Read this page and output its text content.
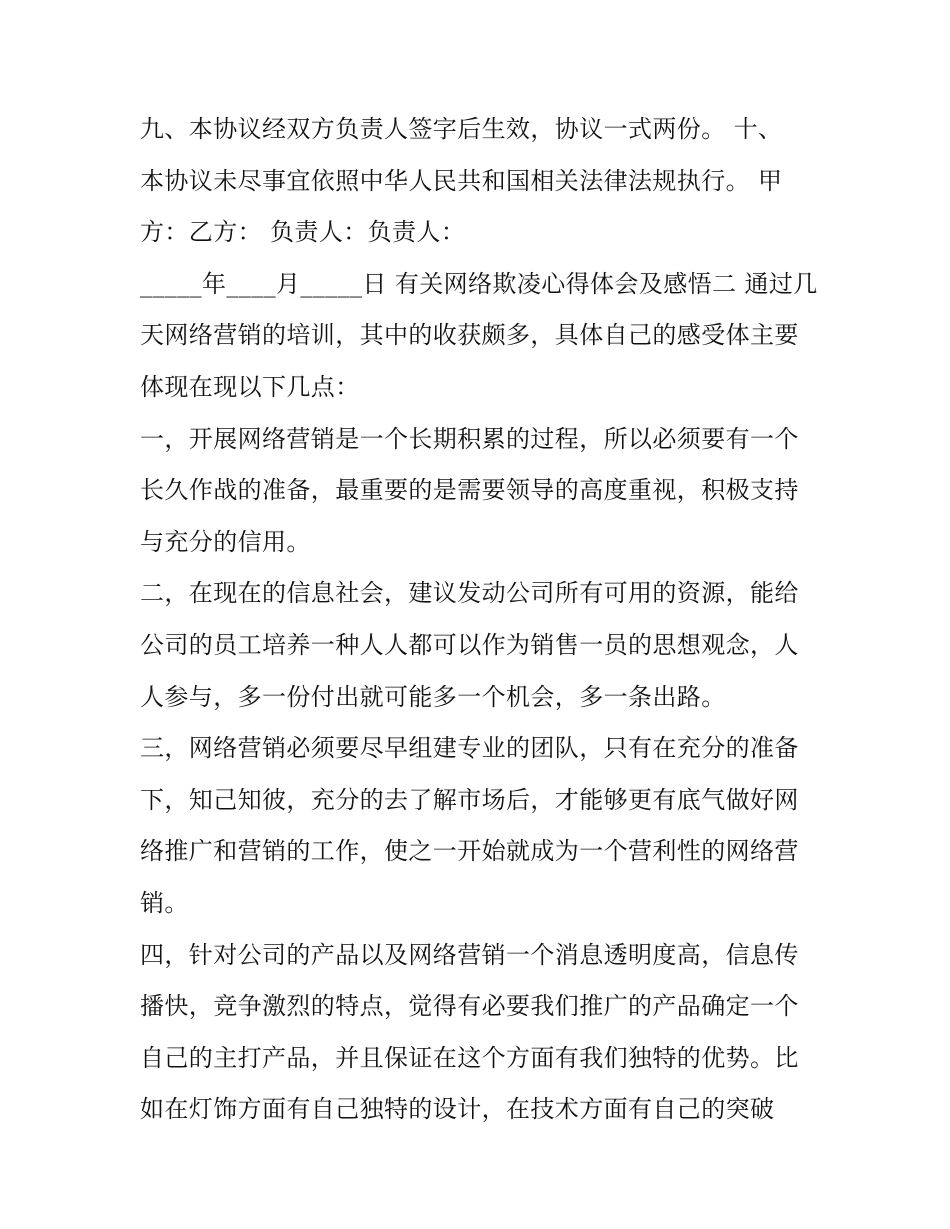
九、本协议经双方负责人签字后生效，协议一式两份。 十、
本协议未尽事宜依照中华人民共和国相关法律法规执行。 甲
方：乙方： 负责人：负责人：
_____年____月_____日 有关网络欺凌心得体会及感悟二 通过几
天网络营销的培训，其中的收获颇多，具体自己的感受体主要
体现在现以下几点：
一，开展网络营销是一个长期积累的过程，所以必须要有一个
长久作战的准备，最重要的是需要领导的高度重视，积极支持
与充分的信用。
二，在现在的信息社会，建议发动公司所有可用的资源，能给
公司的员工培养一种人人都可以作为销售一员的思想观念，人
人参与，多一份付出就可能多一个机会，多一条出路。
三，网络营销必须要尽早组建专业的团队，只有在充分的准备
下，知己知彼，充分的去了解市场后，才能够更有底气做好网
络推广和营销的工作，使之一开始就成为一个营利性的网络营
销。
四，针对公司的产品以及网络营销一个消息透明度高，信息传
播快，竞争激烈的特点，觉得有必要我们推广的产品确定一个
自己的主打产品，并且保证在这个方面有我们独特的优势。比
如在灯饰方面有自己独特的设计，在技术方面有自己的突破
